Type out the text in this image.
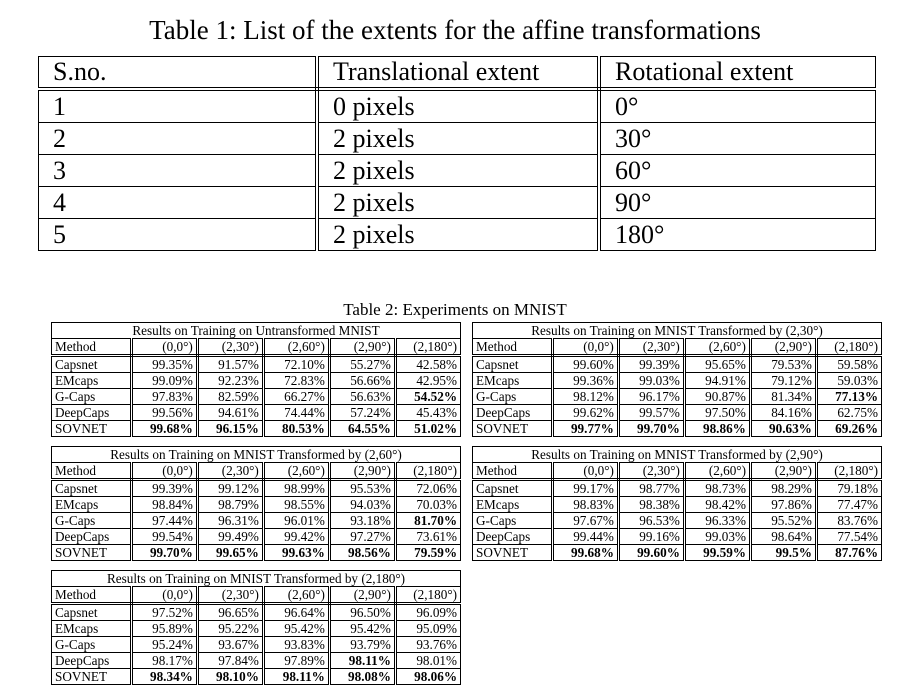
Table 1: List of the extents for the affine transformations
S.no.	Translational extent	Rotational extent
1	0 pixels	0°
2	2 pixels	30°
3	2 pixels	60°
4	2 pixels	90°
5	2 pixels	180°
Table 2: Experiments on MNIST
Results on Training on Untransformed MNIST					
Method	(0,0°)	(2,30°)	(2,60°)	(2,90°)	(2,180°)
Capsnet	99.35%	91.57%	72.10%	55.27%	42.58%
EMcaps	99.09%	92.23%	72.83%	56.66%	42.95%
G-Caps	97.83%	82.59%	66.27%	56.63%	54.52%
DeepCaps	99.56%	94.61%	74.44%	57.24%	45.43%
SOVNET	99.68%	96.15%	80.53%	64.55%	51.02%
Results on Training on MNIST Transformed by (2,30°)					
Method	(0,0°)	(2,30°)	(2,60°)	(2,90°)	(2,180°)
Capsnet	99.60%	99.39%	95.65%	79.53%	59.58%
EMcaps	99.36%	99.03%	94.91%	79.12%	59.03%
G-Caps	98.12%	96.17%	90.87%	81.34%	77.13%
DeepCaps	99.62%	99.57%	97.50%	84.16%	62.75%
SOVNET	99.77%	99.70%	98.86%	90.63%	69.26%
Results on Training on MNIST Transformed by (2,60°)					
Method	(0,0°)	(2,30°)	(2,60°)	(2,90°)	(2,180°)
Capsnet	99.39%	99.12%	98.99%	95.53%	72.06%
EMcaps	98.84%	98.79%	98.55%	94.03%	70.03%
G-Caps	97.44%	96.31%	96.01%	93.18%	81.70%
DeepCaps	99.54%	99.49%	99.42%	97.27%	73.61%
SOVNET	99.70%	99.65%	99.63%	98.56%	79.59%
Results on Training on MNIST Transformed by (2,90°)					
Method	(0,0°)	(2,30°)	(2,60°)	(2,90°)	(2,180°)
Capsnet	99.17%	98.77%	98.73%	98.29%	79.18%
EMcaps	98.83%	98.38%	98.42%	97.86%	77.47%
G-Caps	97.67%	96.53%	96.33%	95.52%	83.76%
DeepCaps	99.44%	99.16%	99.03%	98.64%	77.54%
SOVNET	99.68%	99.60%	99.59%	99.5%	87.76%
Results on Training on MNIST Transformed by (2,180°)					
Method	(0,0°)	(2,30°)	(2,60°)	(2,90°)	(2,180°)
Capsnet	97.52%	96.65%	96.64%	96.50%	96.09%
EMcaps	95.89%	95.22%	95.42%	95.42%	95.09%
G-Caps	95.24%	93.67%	93.83%	93.79%	93.76%
DeepCaps	98.17%	97.84%	97.89%	98.11%	98.01%
SOVNET	98.34%	98.10%	98.11%	98.08%	98.06%
